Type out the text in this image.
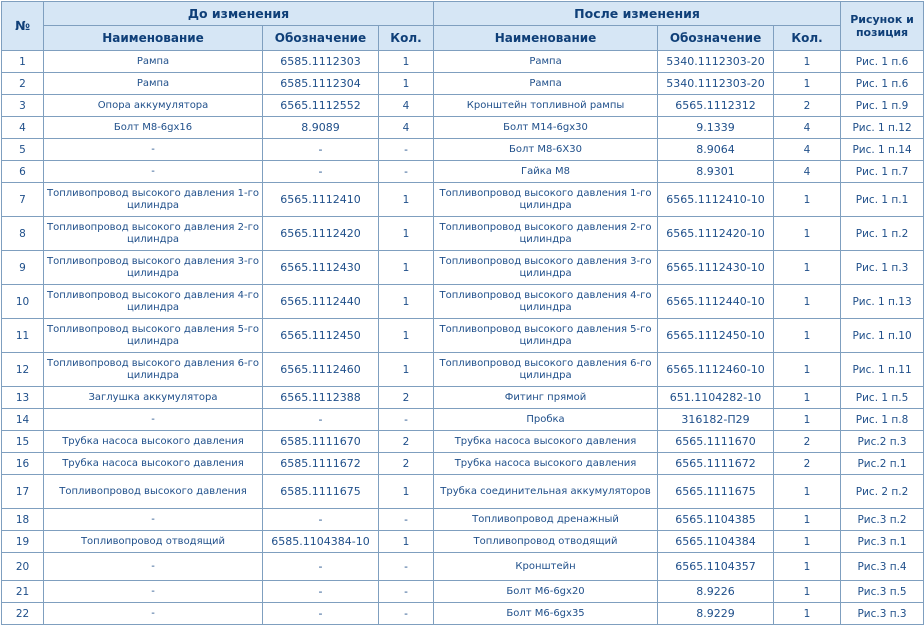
№	До изменения			После изменения			Рисунок и позиция
	Наименование	Обозначение	Кол.	Наименование	Обозначение	Кол.	
1	Рампа	6585.1112303	1	Рампа	5340.1112303-20	1	Рис. 1 п.6
2	Рампа	6585.1112304	1	Рампа	5340.1112303-20	1	Рис. 1 п.6
3	Опора аккумулятора	6565.1112552	4	Кронштейн топливной рампы	6565.1112312	2	Рис. 1 п.9
4	Болт М8-6gx16	8.9089	4	Болт М14-6gx30	9.1339	4	Рис. 1 п.12
5	-	-	-	Болт М8-6Х30	8.9064	4	Рис. 1 п.14
6	-	-	-	Гайка М8	8.9301	4	Рис. 1 п.7
7	Топливопровод высокого давления 1-го цилиндра	6565.1112410	1	Топливопровод высокого давления 1-го цилиндра	6565.1112410-10	1	Рис. 1 п.1
8	Топливопровод высокого давления 2-го цилиндра	6565.1112420	1	Топливопровод высокого давления 2-го цилиндра	6565.1112420-10	1	Рис. 1 п.2
9	Топливопровод высокого давления 3-го цилиндра	6565.1112430	1	Топливопровод высокого давления 3-го цилиндра	6565.1112430-10	1	Рис. 1 п.3
10	Топливопровод высокого давления 4-го цилиндра	6565.1112440	1	Топливопровод высокого давления 4-го цилиндра	6565.1112440-10	1	Рис. 1 п.13
11	Топливопровод высокого давления 5-го цилиндра	6565.1112450	1	Топливопровод высокого давления 5-го цилиндра	6565.1112450-10	1	Рис. 1 п.10
12	Топливопровод высокого давления 6-го цилиндра	6565.1112460	1	Топливопровод высокого давления 6-го цилиндра	6565.1112460-10	1	Рис. 1 п.11
13	Заглушка аккумулятора	6565.1112388	2	Фитинг прямой	651.1104282-10	1	Рис. 1 п.5
14	-	-	-	Пробка	316182-П29	1	Рис. 1 п.8
15	Трубка насоса высокого давления	6585.1111670	2	Трубка насоса высокого давления	6565.1111670	2	Рис.2 п.3
16	Трубка насоса высокого давления	6585.1111672	2	Трубка насоса высокого давления	6565.1111672	2	Рис.2 п.1
17	Топливопровод высокого давления	6585.1111675	1	Трубка соединительная аккумуляторов	6565.1111675	1	Рис. 2 п.2
18	-	-	-	Топливопровод дренажный	6565.1104385	1	Рис.3 п.2
19	Топливопровод отводящий	6585.1104384-10	1	Топливопровод отводящий	6565.1104384	1	Рис.3 п.1
20	-	-	-	Кронштейн	6565.1104357	1	Рис.3 п.4
21	-	-	-	Болт М6-6gx20	8.9226	1	Рис.3 п.5
22	-	-	-	Болт М6-6gx35	8.9229	1	Рис.3 п.3
